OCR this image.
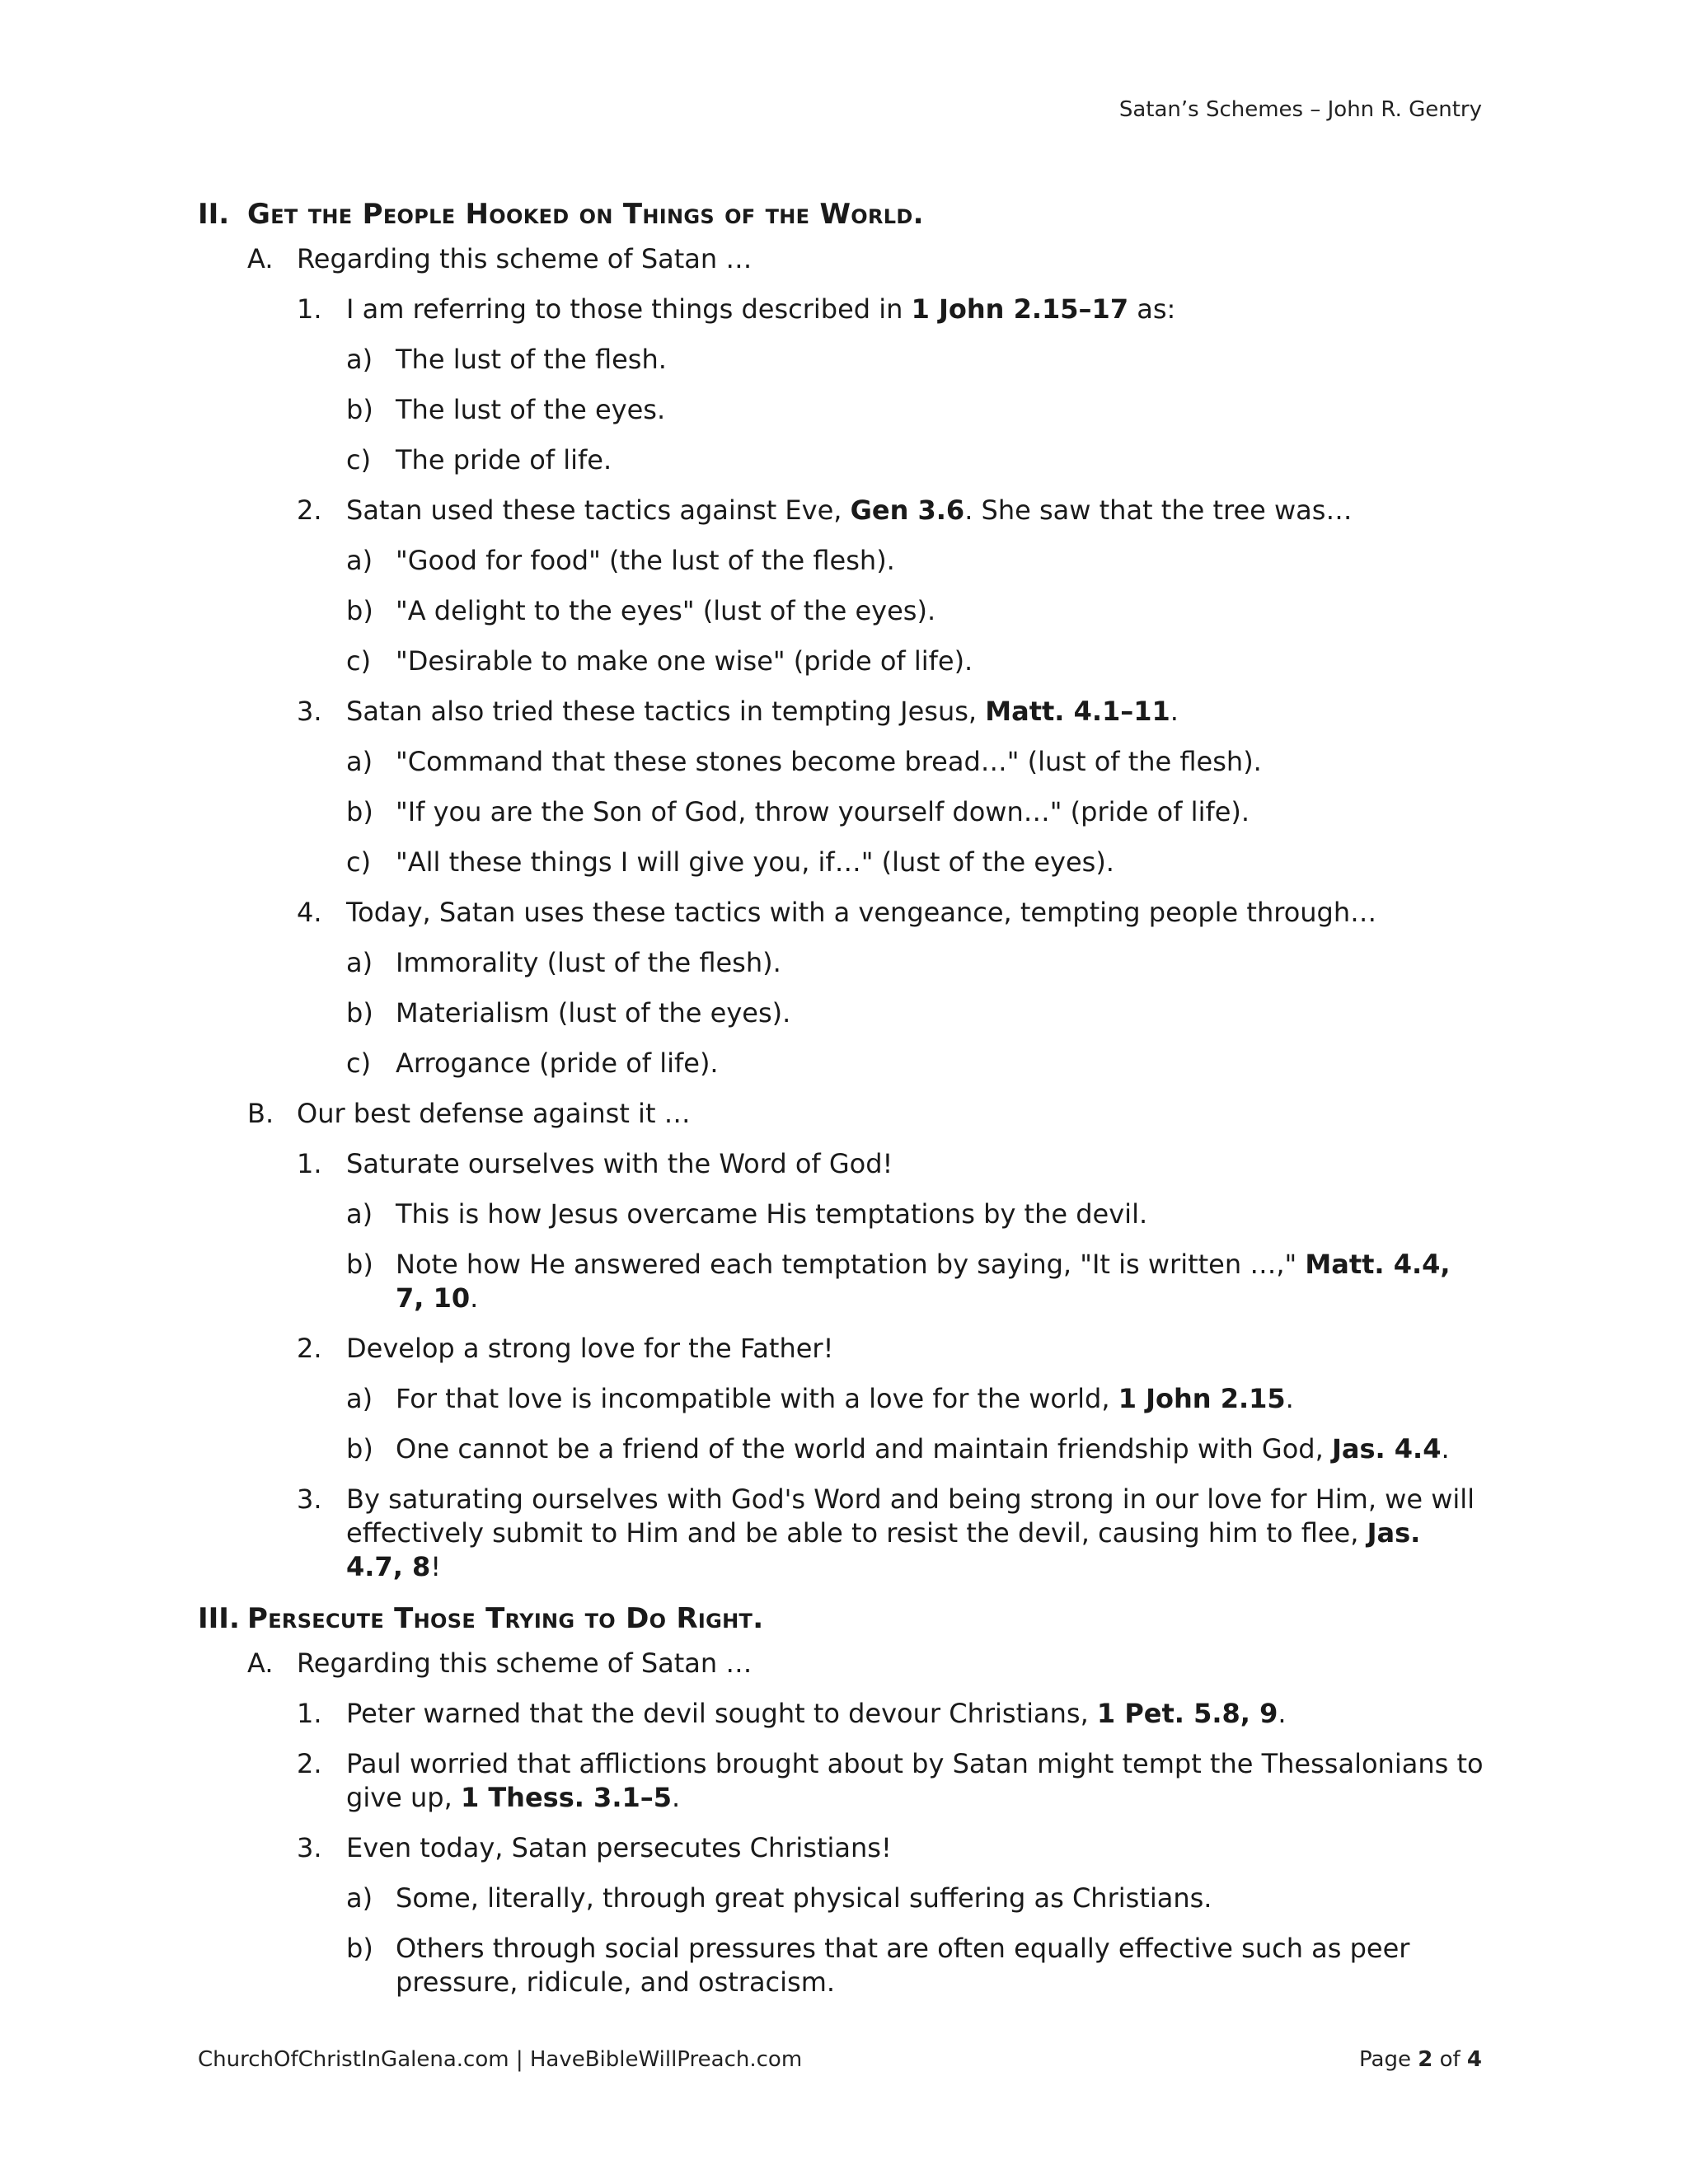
Satan’s Schemes – John R. Gentry
II. Get the People Hooked on Things of the World.
A. Regarding this scheme of Satan …
1. I am referring to those things described in 1 John 2.15–17 as:
a) The lust of the flesh.
b) The lust of the eyes.
c) The pride of life.
2. Satan used these tactics against Eve, Gen 3.6. She saw that the tree was…
a) "Good for food" (the lust of the flesh).
b) "A delight to the eyes" (lust of the eyes).
c) "Desirable to make one wise" (pride of life).
3. Satan also tried these tactics in tempting Jesus, Matt. 4.1–11.
a) "Command that these stones become bread…" (lust of the flesh).
b) "If you are the Son of God, throw yourself down…" (pride of life).
c) "All these things I will give you, if…" (lust of the eyes).
4. Today, Satan uses these tactics with a vengeance, tempting people through…
a) Immorality (lust of the flesh).
b) Materialism (lust of the eyes).
c) Arrogance (pride of life).
B. Our best defense against it …
1. Saturate ourselves with the Word of God!
a) This is how Jesus overcame His temptations by the devil.
b) Note how He answered each temptation by saying, "It is written …," Matt. 4.4, 7, 10.
2. Develop a strong love for the Father!
a) For that love is incompatible with a love for the world, 1 John 2.15.
b) One cannot be a friend of the world and maintain friendship with God, Jas. 4.4.
3. By saturating ourselves with God's Word and being strong in our love for Him, we will effectively submit to Him and be able to resist the devil, causing him to flee, Jas. 4.7, 8!
III. Persecute Those Trying to Do Right.
A. Regarding this scheme of Satan …
1. Peter warned that the devil sought to devour Christians, 1 Pet. 5.8, 9.
2. Paul worried that afflictions brought about by Satan might tempt the Thessalonians to give up, 1 Thess. 3.1–5.
3. Even today, Satan persecutes Christians!
a) Some, literally, through great physical suffering as Christians.
b) Others through social pressures that are often equally effective such as peer pressure, ridicule, and ostracism.
ChurchOfChristInGalena.com | HaveBibleWillPreach.com	Page 2 of 4
